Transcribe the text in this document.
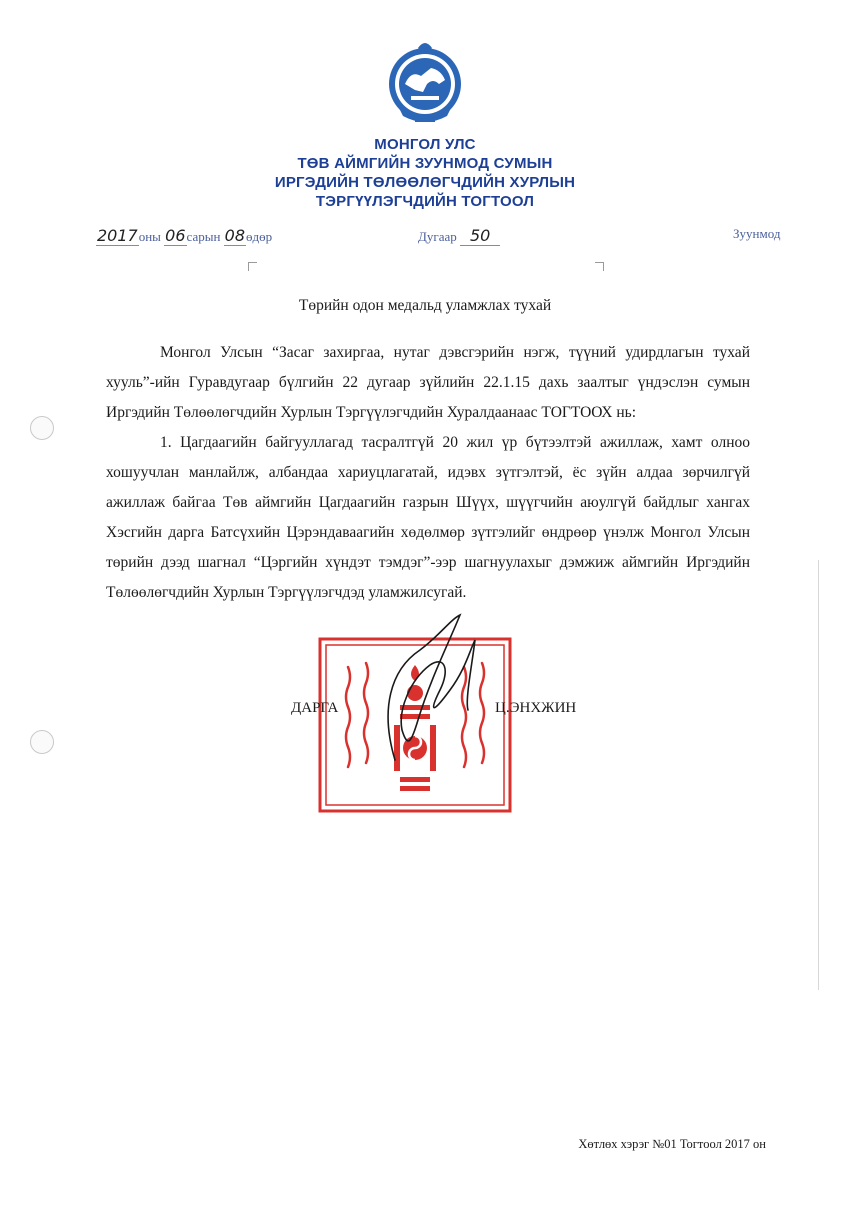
МОНГОЛ УЛС
ТӨВ АЙМГИЙН ЗУУНМОД СУМЫН
ИРГЭДИЙН ТӨЛӨӨЛӨГЧДИЙН ХУРЛЫН
ТЭРГҮҮЛЭГЧДИЙН ТОГТООЛ
2017оны 06сарын 08өдөр	Дугаар 50	Зуунмод
Төрийн одон медальд уламжлах тухай

Монгол Улсын “Засаг захиргаа, нутаг дэвсгэрийн нэгж, түүний удирдлагын тухай хууль”-ийн Гуравдугаар бүлгийн 22 дугаар зүйлийн 22.1.15 дахь заалтыг үндэслэн сумын Иргэдийн Төлөөлөгчдийн Хурлын Тэргүүлэгчдийн Хуралдаанаас ТОГТООХ нь:

1. Цагдаагийн байгууллагад тасралтгүй 20 жил үр бүтээлтэй ажиллаж, хамт олноо хошуучлан манлайлж, албандаа хариуцлагатай, идэвх зүтгэлтэй, ёс зүйн алдаа зөрчилгүй ажиллаж байгаа Төв аймгийн Цагдаагийн газрын Шүүх, шүүгчийн аюулгүй байдлыг хангах Хэсгийн дарга Батсүхийн Цэрэндаваагийн хөдөлмөр зүтгэлийг өндрөөр үнэлж Монгол Улсын төрийн дээд шагнал “Цэргийн хүндэт тэмдэг”-ээр шагнуулахыг дэмжиж аймгийн Иргэдийн Төлөөлөгчдийн Хурлын Тэргүүлэгчдэд уламжилсугай.

ДАРГА	Ц.ЭНХЖИН
Хөтлөх хэрэг №01 Тогтоол 2017 он
